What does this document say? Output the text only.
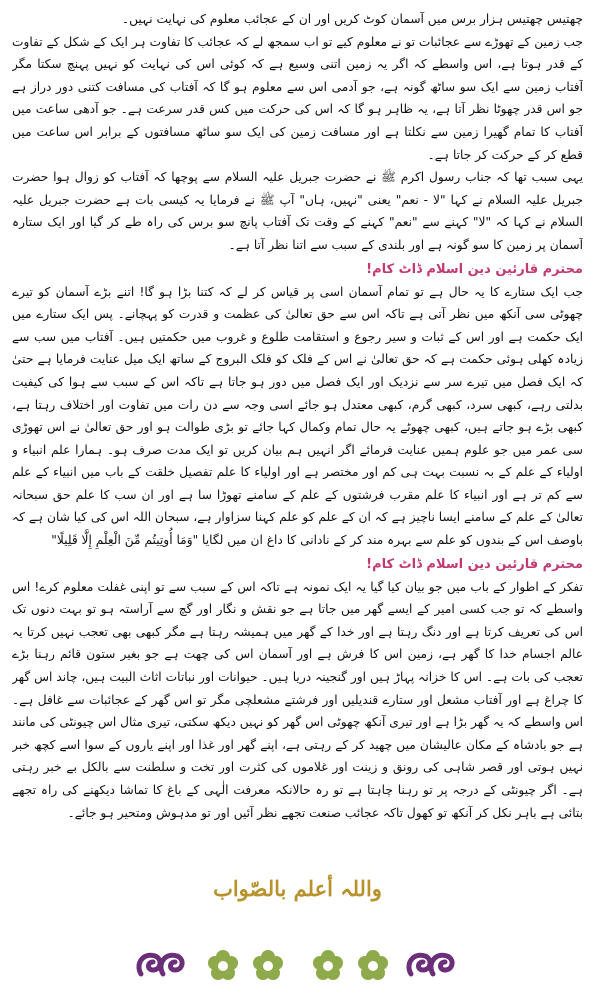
چھتیس چھتیس ہزار برس میں آسمان کوٹ کریں اور ان کے عجائب معلوم کی نہایت نہیں۔

جب زمین کے تھوڑے سے عجائبات تو نے معلوم کیے تو اب سمجھ لے کہ عجائب کا تفاوت ہر ایک کے شکل کے تفاوت کے قدر ہوتا ہے، اس واسطے کہ اگر یہ زمین اتنی وسیع ہے کہ کوئی اس کی نہایت کو نہیں پہنچ سکتا مگر آفتاب زمین سے ایک سو ساٹھ گونہ ہے، جو آدمی اس سے معلوم ہو گا کہ آفتاب کی مسافت کتنی دور دراز ہے جو اس قدر چھوٹا نظر آتا ہے، یہ ظاہر ہو گا کہ اس کی حرکت میں کس قدر سرعت ہے۔ جو آدھی ساعت میں آفتاب کا تمام گھیرا زمین سے نکلتا ہے اور مسافت زمین کی ایک سو ساٹھ مسافتوں کے برابر اس ساعت میں قطع کر کے حرکت کر جاتا ہے۔

یہی سبب تھا کہ جناب رسول اکرم ﷺ نے حضرت جبریل علیہ السلام سے پوچھا کہ آفتاب کو زوال ہوا حضرت جبریل علیہ السلام نے کہا "لا - نعم" یعنی "نہیں، ہاں" آپ ﷺ نے فرمایا یہ کیسی بات ہے حضرت جبریل علیہ السلام نے کہا کہ "لا" کہنے سے "نعم" کہنے کے وقت تک آفتاب پانچ سو برس کی راہ طے کر گیا اور ایک ستارہ آسمان پر زمین کا سو گونہ ہے اور بلندی کے سبب سے اتنا نظر آتا ہے۔

محترم قارئین دین اسلام ڈاٹ کام!

جب ایک ستارے کا یہ حال ہے تو تمام آسمان اسی پر قیاس کر لے کہ کتنا بڑا ہو گا! اتنے بڑے آسمان کو تیرے چھوٹی سی آنکھ میں نظر آتی ہے تاکہ اس سے حق تعالیٰ کی عظمت و قدرت کو پہچانے۔ پس ایک ستارے میں ایک حکمت ہے اور اس کے ثبات و سیر رجوع و استقامت طلوع و غروب میں حکمتیں ہیں۔ آفتاب میں سب سے زیادہ کھلی ہوئی حکمت ہے کہ حق تعالیٰ نے اس کے فلک کو فلک البروج کے ساتھ ایک میل عنایت فرمایا ہے حتیٰ کہ ایک فصل میں تیرے سر سے نزدیک اور ایک فصل میں دور ہو جاتا ہے تاکہ اس کے سبب سے ہوا کی کیفیت بدلتی رہے، کبھی سرد، کبھی گرم، کبھی معتدل ہو جائے اسی وجہ سے دن رات میں تفاوت اور اختلاف رہتا ہے، کبھی بڑے ہو جاتے ہیں، کبھی چھوٹے یہ حال تمام وکمال کہا جائے تو بڑی طوالت ہو اور حق تعالیٰ نے اس تھوڑی سی عمر میں جو علوم ہمیں عنایت فرمائے اگر انہیں ہم بیان کریں تو ایک مدت صرف ہو۔ ہمارا علم انبیاء و اولیاء کے علم کے بہ نسبت بہت ہی کم اور مختصر ہے اور اولیاء کا علم تفصیل خلقت کے باب میں انبیاء کے علم سے کم تر ہے اور انبیاء کا علم مقرب فرشتوں کے علم کے سامنے تھوڑا سا ہے اور ان سب کا علم حق سبحانہ تعالیٰ کے علم کے سامنے ایسا ناچیز ہے کہ ان کے علم کو علم کہنا سزاوار ہے، سبحان اللہ اس کی کیا شان ہے کہ باوصف اس کے بندوں کو علم سے بہرہ مند کر کے نادانی کا داغ ان میں لگایا "وَمَا أُوتِيتُم مِّنَ الْعِلْمِ إِلَّا قَلِيلًا"

محترم قارئین دین اسلام ڈاٹ کام!

تفکر کے اطوار کے باب میں جو بیان کیا گیا یہ ایک نمونہ ہے تاکہ اس کے سبب سے تو اپنی غفلت معلوم کرے! اس واسطے کہ تو جب کسی امیر کے ایسے گھر میں جاتا ہے جو نقش و نگار اور گچ سے آراستہ ہو تو بہت دنوں تک اس کی تعریف کرتا ہے اور دنگ رہتا ہے اور خدا کے گھر میں ہمیشہ رہتا ہے مگر کبھی بھی تعجب نہیں کرتا یہ عالم اجسام خدا کا گھر ہے، زمین اس کا فرش ہے اور آسمان اس کی چھت ہے جو بغیر ستون قائم رہنا بڑے تعجب کی بات ہے۔ اس کا خزانہ پہاڑ ہیں اور گنجینہ دریا ہیں۔ حیوانات اور نباتات اثاث البیت ہیں، چاند اس گھر کا چراغ ہے اور آفتاب مشعل اور ستارے قندیلیں اور فرشتے مشعلچی مگر تو اس گھر کے عجائبات سے غافل ہے۔ اس واسطے کہ یہ گھر بڑا ہے اور تیری آنکھ چھوٹی اس گھر کو نہیں دیکھ سکتی، تیری مثال اس چیونٹی کی مانند ہے جو بادشاہ کے مکان عالیشان میں چھید کر کے رہتی ہے، اپنے گھر اور غذا اور اپنے یاروں کے سوا اسے کچھ خبر نہیں ہوتی اور قصر شاہی کی رونق و زینت اور غلاموں کی کثرت اور تخت و سلطنت سے بالکل بے خبر رہتی ہے۔ اگر چیونٹی کے درجہ پر تو رہنا چاہتا ہے تو رہ حالانکہ معرفت الٰہی کے باغ کا تماشا دیکھنے کی راہ تجھے بتائی ہے باہر نکل کر آنکھ تو کھول تاکہ عجائب صنعت تجھے نظر آئیں اور تو مدہوش ومتحیر ہو جائے۔

واللہ أعلم بالصّواب
